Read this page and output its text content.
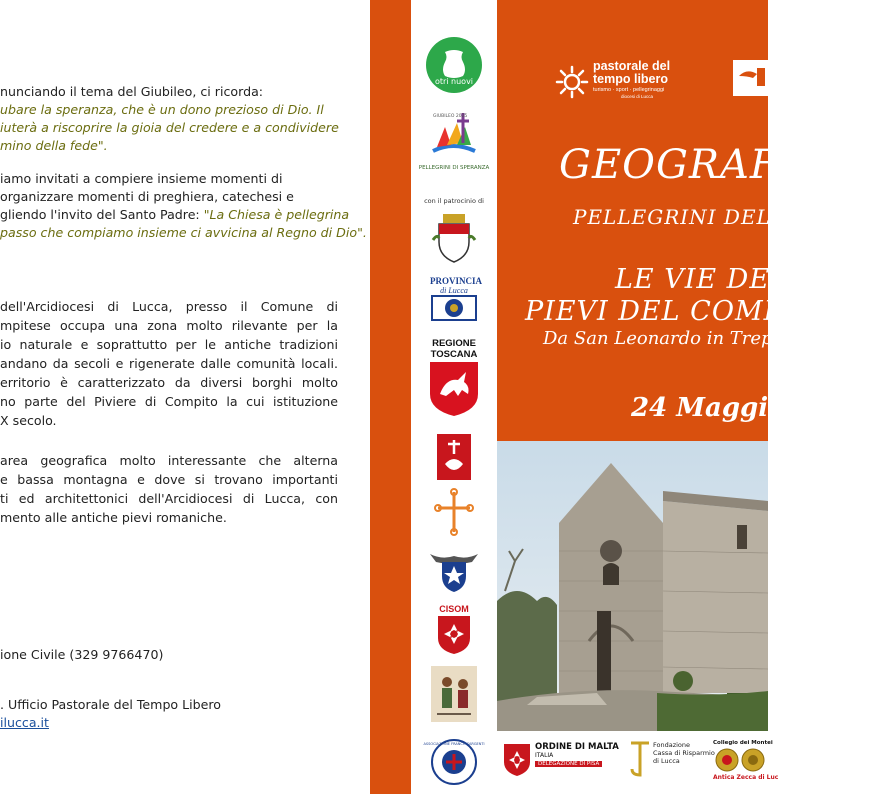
nunciando il tema del Giubileo, ci ricorda:
ubare la speranza, che è un dono prezioso di Dio. Il
iuterà a riscoprire la gioia del credere e a condividere
mino della fede".
iamo invitati a compiere insieme momenti di
organizzare momenti di preghiera, catechesi e
gliendo l'invito del Santo Padre: "La Chiesa è pellegrina
passo che compiamo insieme ci avvicina al Regno di Dio".
dell'Arcidiocesi di Lucca, presso il Comune di
mpitese occupa una zona molto rilevante per la
io naturale e soprattutto per le antiche tradizioni
andano da secoli e rigenerate dalle comunità locali.
erritorio è caratterizzato da diversi borghi molto
no parte del Piviere di Compito la cui istituzione
X secolo.
area geografica molto interessante che alterna
e bassa montagna e dove si trovano importanti
ti ed architettonici dell'Arcidiocesi di Lucca, con
mento alle antiche pievi romaniche.
ione Civile (329 9766470)
. Ufficio Pastorale del Tempo Libero
ilucca.it
otri nuovi
PELLEGRINI DI SPERANZA
GIUBILEO 2025
con il patrocinio di
PROVINCIA
di Lucca
REGIONE
TOSCANA
CISOM
ASSOCIAZIONE FRANCO SARGENTI
pastorale del
tempo libero
turismo · sport · pellegrinaggi
diocesi di Lucca
GEOGRAFIE D
PELLEGRINI DELLA S
LE VIE DELLA
PIEVI DEL COMPITESE
Da San Leonardo in Trepon
24 Maggio 2
ORDINE DI MALTA
ITALIA
DELEGAZIONE DI PISA
Fondazione
Cassa di Risparmio
di Lucca
Collegio dei Montei
Antica Zecca di Luc
